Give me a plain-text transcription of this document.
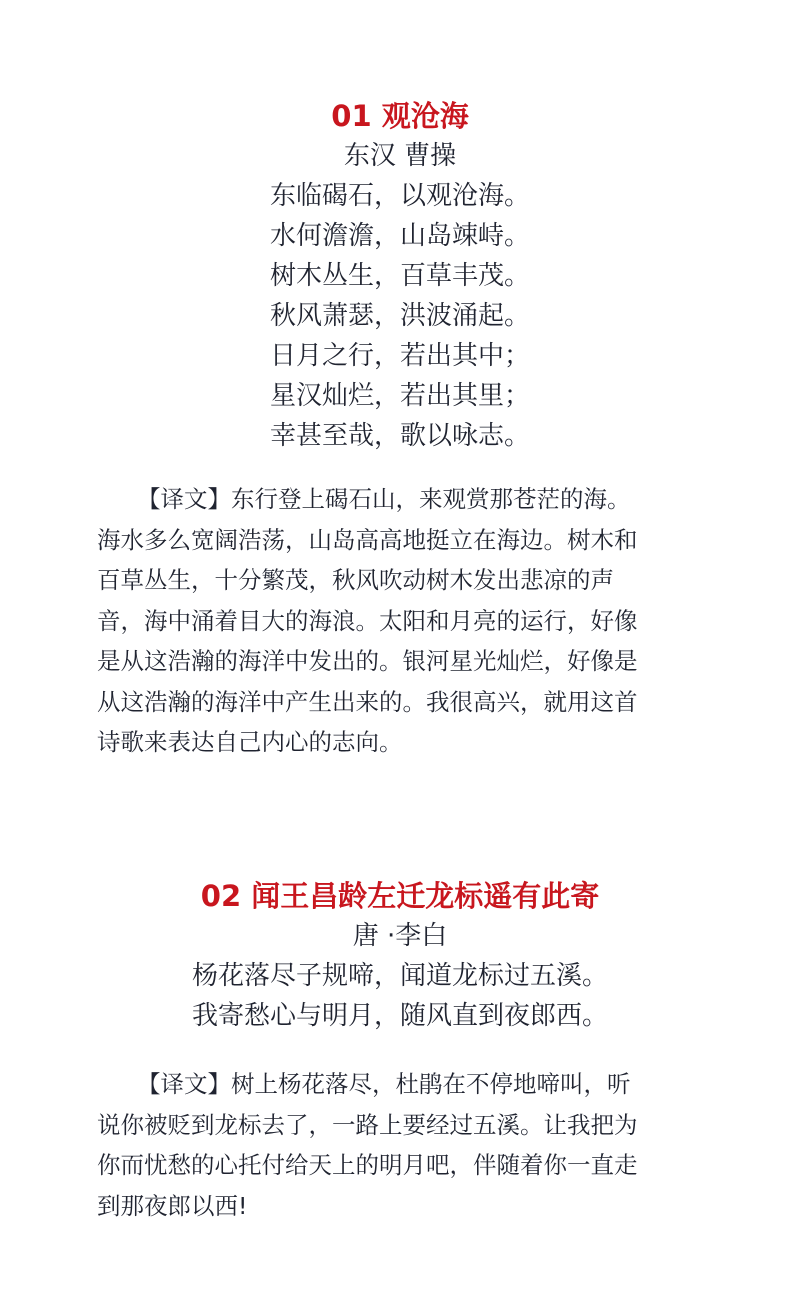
01 观沧海
东汉 曹操
东临碣石，以观沧海。
水何澹澹，山岛竦峙。
树木丛生，百草丰茂。
秋风萧瑟，洪波涌起。
日月之行，若出其中；
星汉灿烂，若出其里；
幸甚至哉，歌以咏志。
【译文】东行登上碣石山，来观赏那苍茫的海。
海水多么宽阔浩荡，山岛高高地挺立在海边。树木和
百草丛生，十分繁茂，秋风吹动树木发出悲凉的声
音，海中涌着目大的海浪。太阳和月亮的运行，好像
是从这浩瀚的海洋中发出的。银河星光灿烂，好像是
从这浩瀚的海洋中产生出来的。我很高兴，就用这首
诗歌来表达自己内心的志向。
02 闻王昌龄左迁龙标遥有此寄
唐 ·李白
杨花落尽子规啼，闻道龙标过五溪。
我寄愁心与明月，随风直到夜郎西。
【译文】树上杨花落尽，杜鹃在不停地啼叫，听
说你被贬到龙标去了，一路上要经过五溪。让我把为
你而忧愁的心托付给天上的明月吧，伴随着你一直走
到那夜郎以西!
